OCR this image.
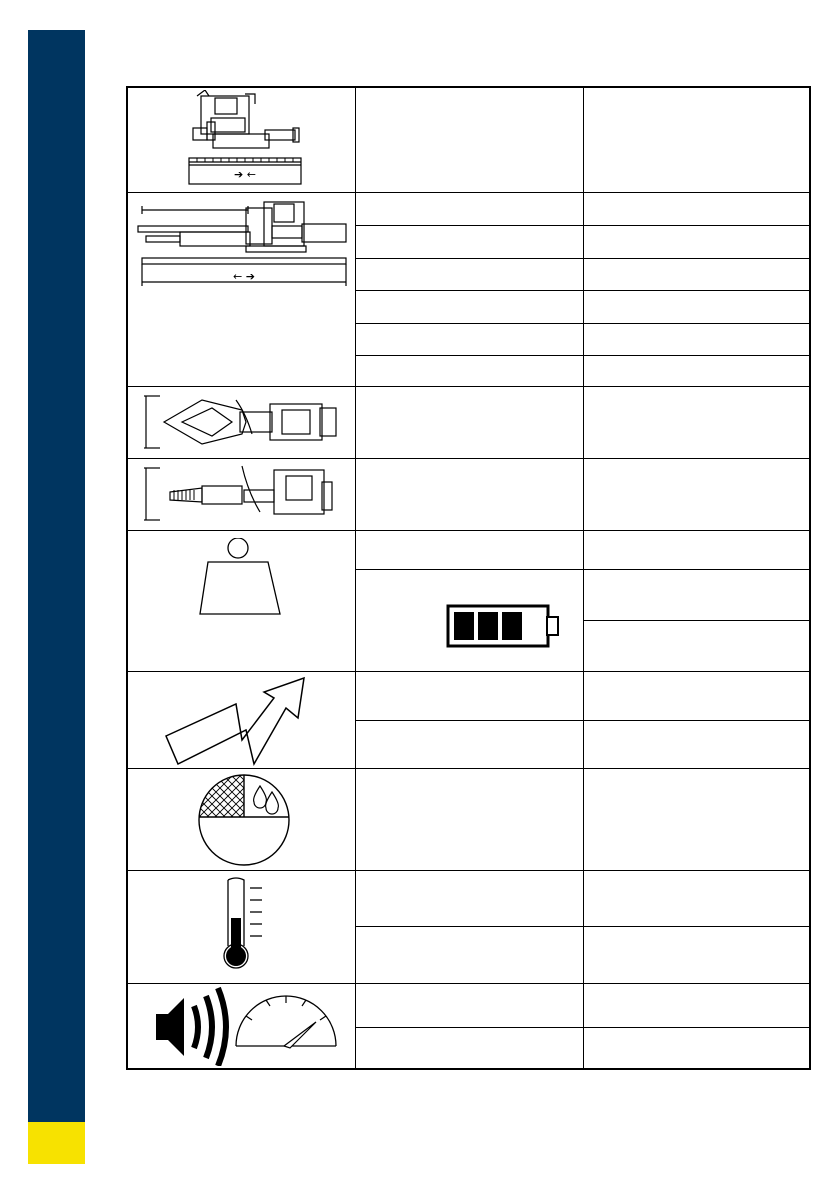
➔ ←
← ➔
